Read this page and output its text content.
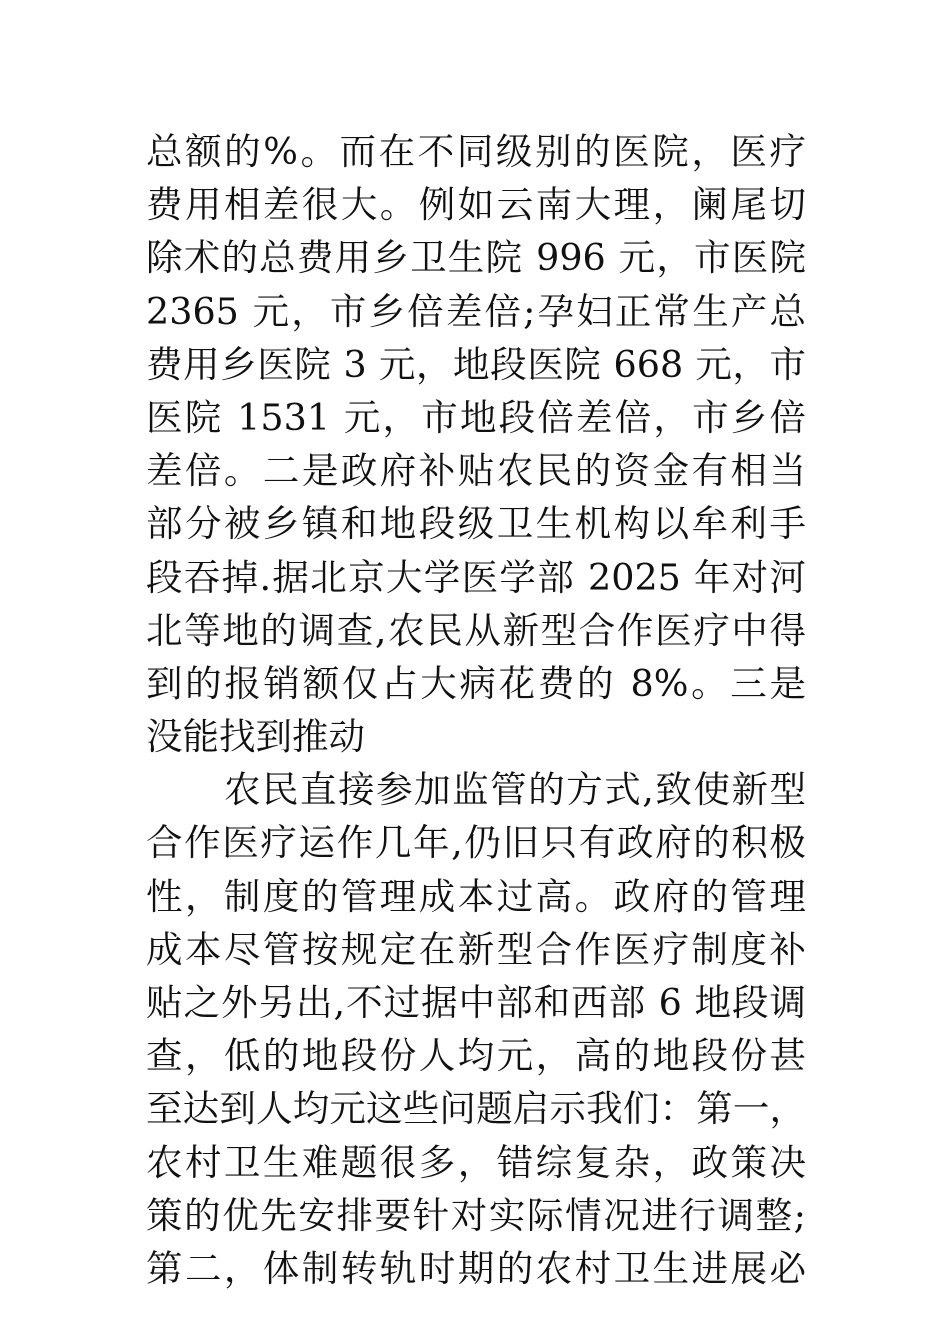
总额的%。而在不同级别的医院，医疗
费用相差很大。例如云南大理，阑尾切
除术的总费用乡卫生院 996 元，市医院
2365 元，市乡倍差倍;孕妇正常生产总
费用乡医院 3 元，地段医院 668 元，市
医院 1531 元，市地段倍差倍，市乡倍
差倍。二是政府补贴农民的资金有相当
部分被乡镇和地段级卫生机构以牟利手
段吞掉.据北京大学医学部 2025 年对河
北等地的调查,农民从新型合作医疗中得
到的报销额仅占大病花费的 8%。三是
没能找到推动
农民直接参加监管的方式,致使新型
合作医疗运作几年,仍旧只有政府的积极
性，制度的管理成本过高。政府的管理
成本尽管按规定在新型合作医疗制度补
贴之外另出,不过据中部和西部 6 地段调
查，低的地段份人均元，高的地段份甚
至达到人均元这些问题启示我们：第一，
农村卫生难题很多，错综复杂，政策决
策的优先安排要针对实际情况进行调整;
第二，体制转轨时期的农村卫生进展必
